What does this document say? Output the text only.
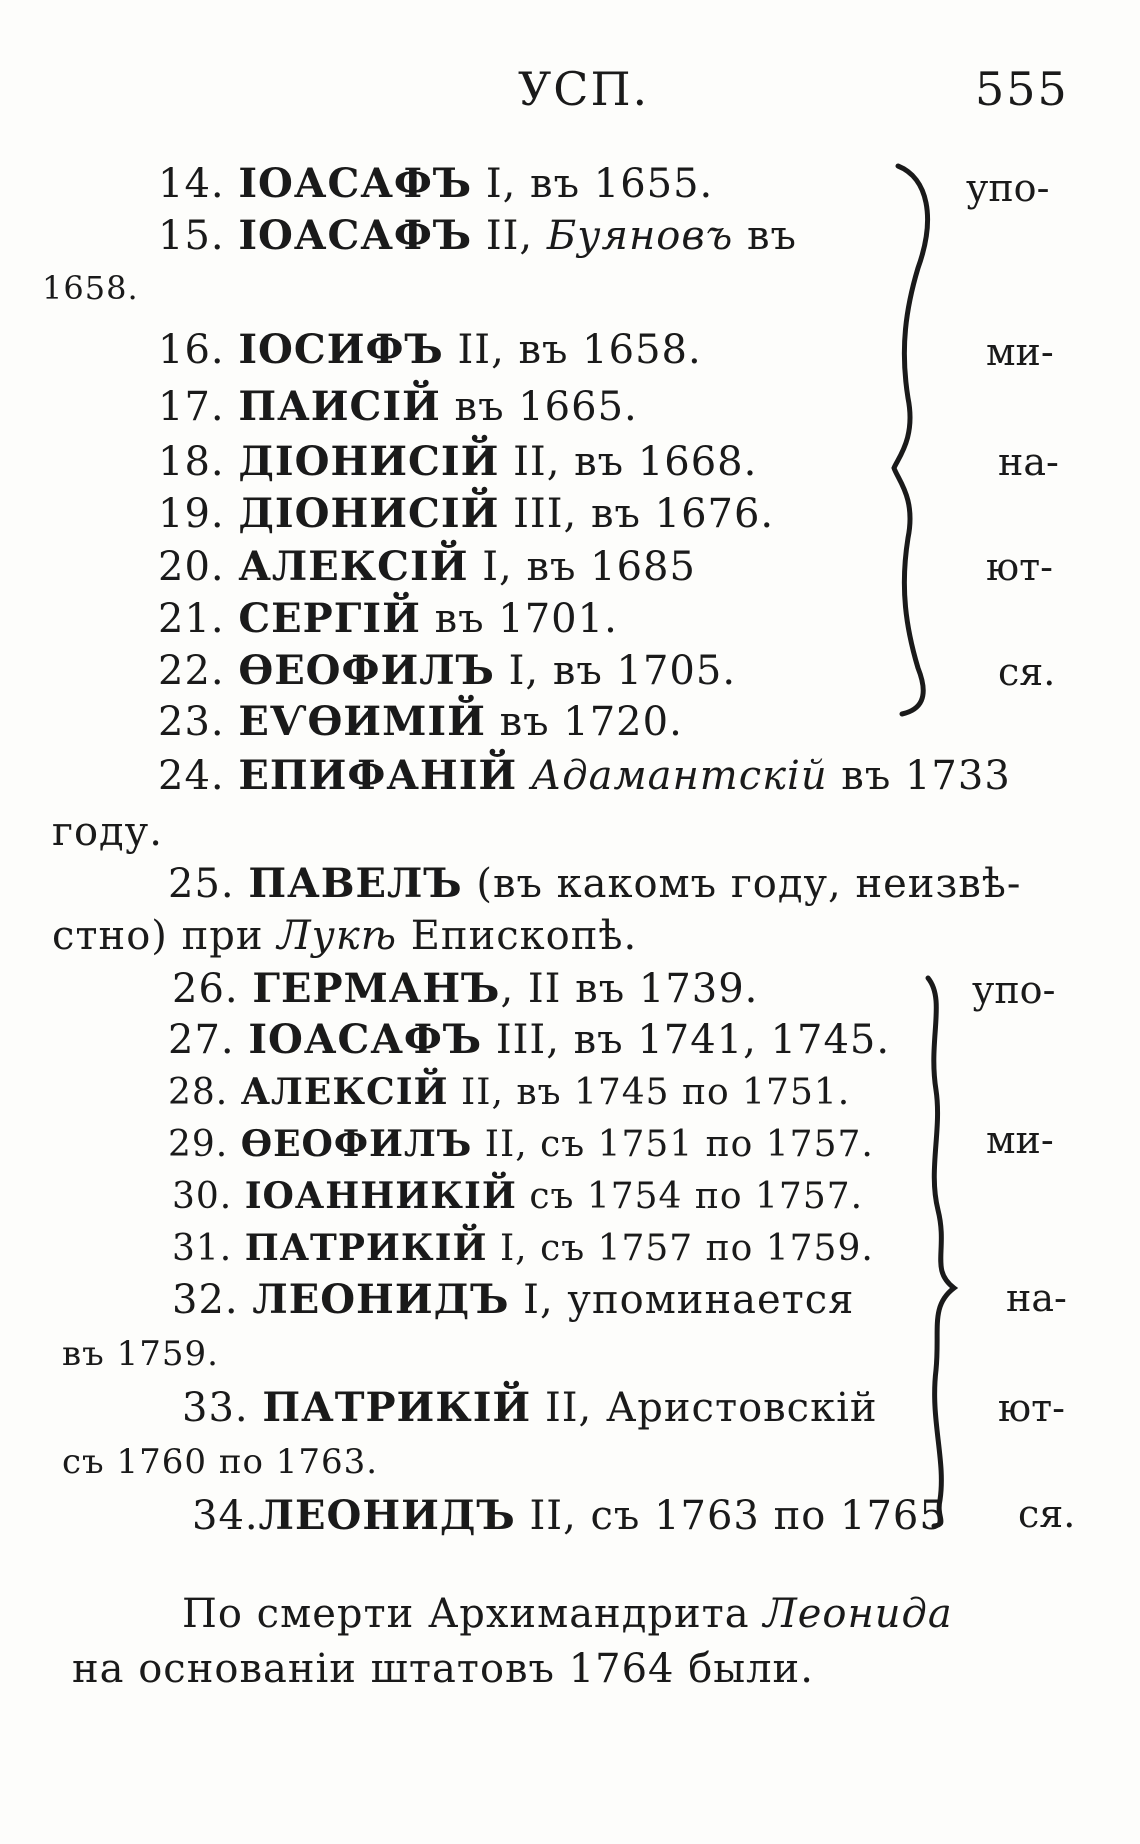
УСП.	555
14. ІОАСАФЪ I, въ 1655.
15. ІОАСАФЪ II, Буяновъ въ
1658.
16. ІОСИФЪ II, въ 1658.
17. ПАИСІЙ въ 1665.
18. ДІОНИСІЙ II, въ 1668.
19. ДІОНИСІЙ III, въ 1676.
20. АЛЕКСІЙ I, въ 1685
21. СЕРГІЙ въ 1701.
22. ѲЕОФИЛЪ I, въ 1705.
23. ЕѴѲИМІЙ въ 1720.
24. ЕПИФАНІЙ Адамантскій въ 1733
году.
25. ПАВЕЛЪ (въ какомъ году, неизвѣ-
стно) при Лукѣ Епископѣ.
26. ГЕРМАНЪ, II въ 1739.
27. ІОАСАФЪ III, въ 1741, 1745.
28. АЛЕКСІЙ II, въ 1745 по 1751.
29. ѲЕОФИЛЪ II, съ 1751 по 1757.
30. ІОАННИКІЙ съ 1754 по 1757.
31. ПАТРИКІЙ I, съ 1757 по 1759.
32. ЛЕОНИДЪ I, упоминается
въ 1759.
33. ПАТРИКІЙ II, Аристовскій
съ 1760 по 1763.
34.ЛЕОНИДЪ II, съ 1763 по 1765
упо-
ми-
на-
ют-
ся.
упо-
ми-
на-
ют-
ся.
По смерти Архимандрита Леонида
на основаніи штатовъ 1764 были.
